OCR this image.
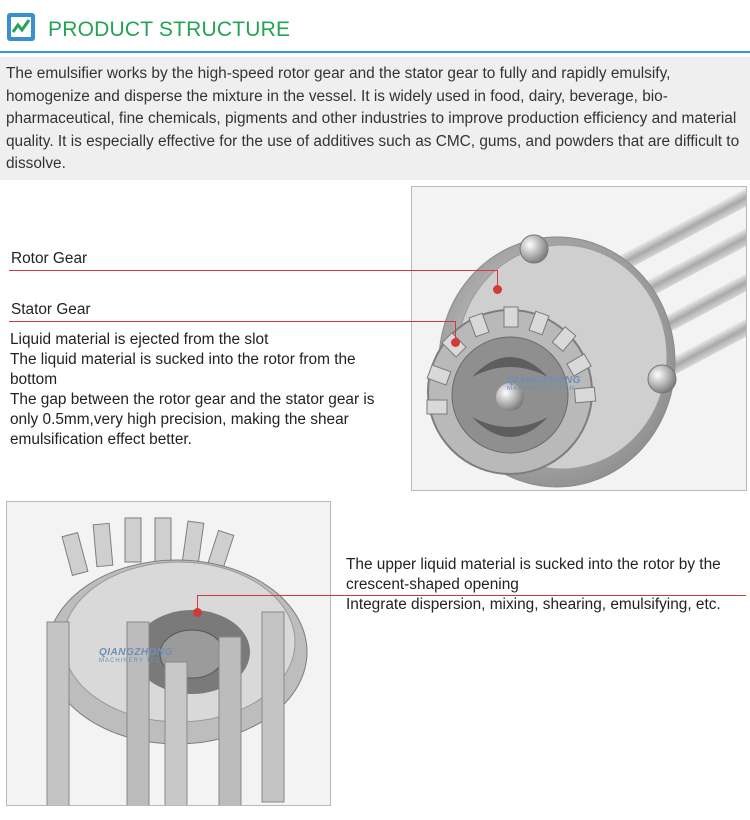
PRODUCT STRUCTURE

The emulsifier works by the high-speed rotor gear and the stator gear to fully and rapidly emulsify, homogenize and disperse the mixture in the vessel. It is widely used in food, dairy, beverage, bio-pharmaceutical, fine chemicals, pigments and other industries to improve production efficiency and material quality. It is especially effective for the use of additives such as CMC, gums, and powders that are difficult to dissolve.

QIANGZHONG
MACHINERY TECH
Rotor Gear
Stator Gear
Liquid material is ejected from the slot
The liquid material is sucked into the rotor from the bottom
The gap between the rotor gear and the stator gear is only 0.5mm,very high precision, making the shear emulsification effect better.
QIANGZHONG
MACHINERY TECH
The upper liquid material is sucked into the rotor by the crescent-shaped opening
Integrate dispersion, mixing, shearing, emulsifying, etc.
